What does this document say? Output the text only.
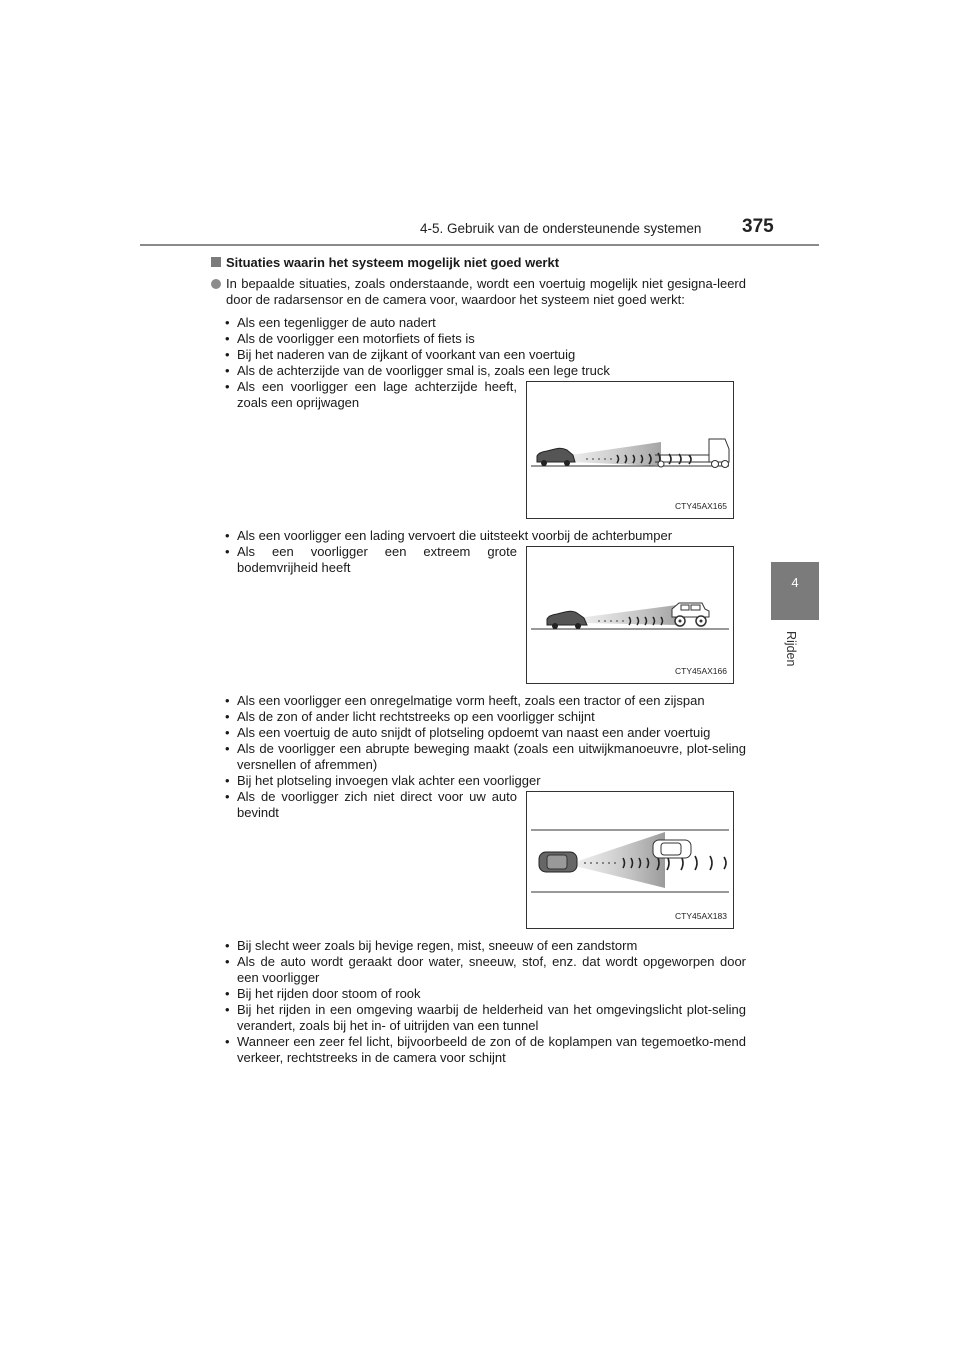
4-5. Gebruik van de ondersteunende systemen 375
4
Rijden
Situaties waarin het systeem mogelijk niet goed werkt
In bepaalde situaties, zoals onderstaande, wordt een voertuig mogelijk niet gesigna-leerd door de radarsensor en de camera voor, waardoor het systeem niet goed werkt:
• Als een tegenligger de auto nadert
• Als de voorligger een motorfiets of fiets is
• Bij het naderen van de zijkant of voorkant van een voertuig
• Als de achterzijde van de voorligger smal is, zoals een lege truck
• Als een voorligger een lage achterzijde heeft, zoals een oprijwagen
CTY45AX165
• Als een voorligger een lading vervoert die uitsteekt voorbij de achterbumper
• Als een voorligger een extreem grote bodemvrijheid heeft
CTY45AX166
• Als een voorligger een onregelmatige vorm heeft, zoals een tractor of een zijspan
• Als de zon of ander licht rechtstreeks op een voorligger schijnt
• Als een voertuig de auto snijdt of plotseling opdoemt van naast een ander voertuig
• Als de voorligger een abrupte beweging maakt (zoals een uitwijkmanoeuvre, plot-seling versnellen of afremmen)
• Bij het plotseling invoegen vlak achter een voorligger
• Als de voorligger zich niet direct voor uw auto bevindt
CTY45AX183
• Bij slecht weer zoals bij hevige regen, mist, sneeuw of een zandstorm
• Als de auto wordt geraakt door water, sneeuw, stof, enz. dat wordt opgeworpen door een voorligger
• Bij het rijden door stoom of rook
• Bij het rijden in een omgeving waarbij de helderheid van het omgevingslicht plot-seling verandert, zoals bij het in- of uitrijden van een tunnel
• Wanneer een zeer fel licht, bijvoorbeeld de zon of de koplampen van tegemoetko-mend verkeer, rechtstreeks in de camera voor schijnt
